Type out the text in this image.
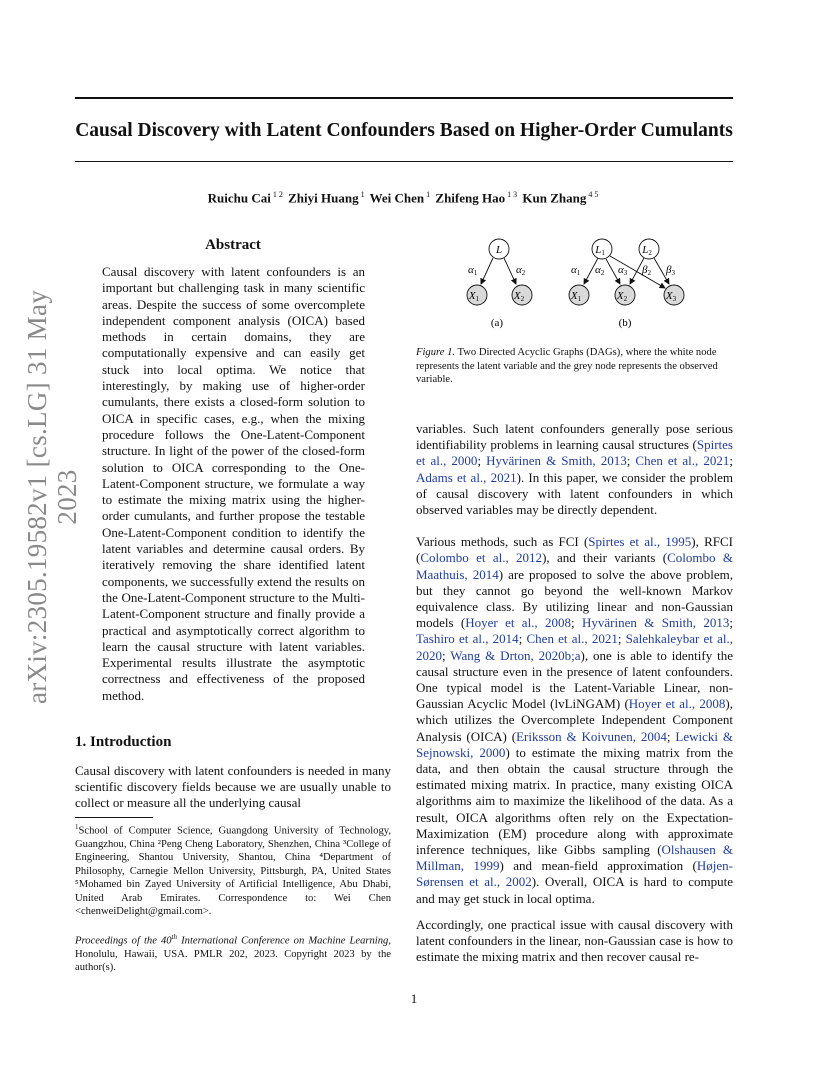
Causal Discovery with Latent Confounders Based on Higher-Order Cumulants
Ruichu Cai $^{1 2}$ Zhiyi Huang $^1$ Wei Chen $^1$ Zhifeng Hao $^{1 3}$ Kun Zhang $^{4 5}$
arXiv:2305.19582v1 [cs.LG] 31 May 2023
Abstract
Causal discovery with latent confounders is an important but challenging task in many scientific areas. Despite the success of some overcomplete independent component analysis (OICA) based methods in certain domains, they are computationally expensive and can easily get stuck into local optima. We notice that interestingly, by making use of higher-order cumulants, there exists a closed-form solution to OICA in specific cases, e.g., when the mixing procedure follows the One-Latent-Component structure. In light of the power of the closed-form solution to OICA corresponding to the One-Latent-Component structure, we formulate a way to estimate the mixing matrix using the higher-order cumulants, and further propose the testable One-Latent-Component condition to identify the latent variables and determine causal orders. By iteratively removing the share identified latent components, we successfully extend the results on the One-Latent-Component structure to the Multi-Latent-Component structure and finally provide a practical and asymptotically correct algorithm to learn the causal structure with latent variables. Experimental results illustrate the asymptotic correctness and effectiveness of the proposed method.
1. Introduction

Causal discovery with latent confounders is needed in many scientific discovery fields because we are usually unable to collect or measure all the underlying causal

$^1$School of Computer Science, Guangdong University of Technology, Guangzhou, China ²Peng Cheng Laboratory, Shenzhen, China ³College of Engineering, Shantou University, Shantou, China ⁴Department of Philosophy, Carnegie Mellon University, Pittsburgh, PA, United States ⁵Mohamed bin Zayed University of Artificial Intelligence, Abu Dhabi, United Arab Emirates. Correspondence to: Wei Chen <chenweiDelight@gmail.com>.
Proceedings of the 40th International Conference on Machine Learning, Honolulu, Hawaii, USA. PMLR 202, 2023. Copyright 2023 by the author(s).
L
X1	X2
α1	α2
(a)
L1	L2
X1	X2	X3
α1 α2 α3 β2 β3
(b)
Figure 1. Two Directed Acyclic Graphs (DAGs), where the white node represents the latent variable and the grey node represents the observed variable.

variables. Such latent confounders generally pose serious identifiability problems in learning causal structures (Spirtes et al., 2000; Hyvärinen & Smith, 2013; Chen et al., 2021; Adams et al., 2021). In this paper, we consider the problem of causal discovery with latent confounders in which observed variables may be directly dependent.

Various methods, such as FCI (Spirtes et al., 1995), RFCI (Colombo et al., 2012), and their variants (Colombo & Maathuis, 2014) are proposed to solve the above problem, but they cannot go beyond the well-known Markov equivalence class. By utilizing linear and non-Gaussian models (Hoyer et al., 2008; Hyvärinen & Smith, 2013; Tashiro et al., 2014; Chen et al., 2021; Salehkaleybar et al., 2020; Wang & Drton, 2020b;a), one is able to identify the causal structure even in the presence of latent confounders. One typical model is the Latent-Variable Linear, non-Gaussian Acyclic Model (lvLiNGAM) (Hoyer et al., 2008), which utilizes the Overcomplete Independent Component Analysis (OICA) (Eriksson & Koivunen, 2004; Lewicki & Sejnowski, 2000) to estimate the mixing matrix from the data, and then obtain the causal structure through the estimated mixing matrix. In practice, many existing OICA algorithms aim to maximize the likelihood of the data. As a result, OICA algorithms often rely on the Expectation-Maximization (EM) procedure along with approximate inference techniques, like Gibbs sampling (Olshausen & Millman, 1999) and mean-field approximation (Højen-Sørensen et al., 2002). Overall, OICA is hard to compute and may get stuck in local optima.

Accordingly, one practical issue with causal discovery with latent confounders in the linear, non-Gaussian case is how to estimate the mixing matrix and then recover causal re-

1
